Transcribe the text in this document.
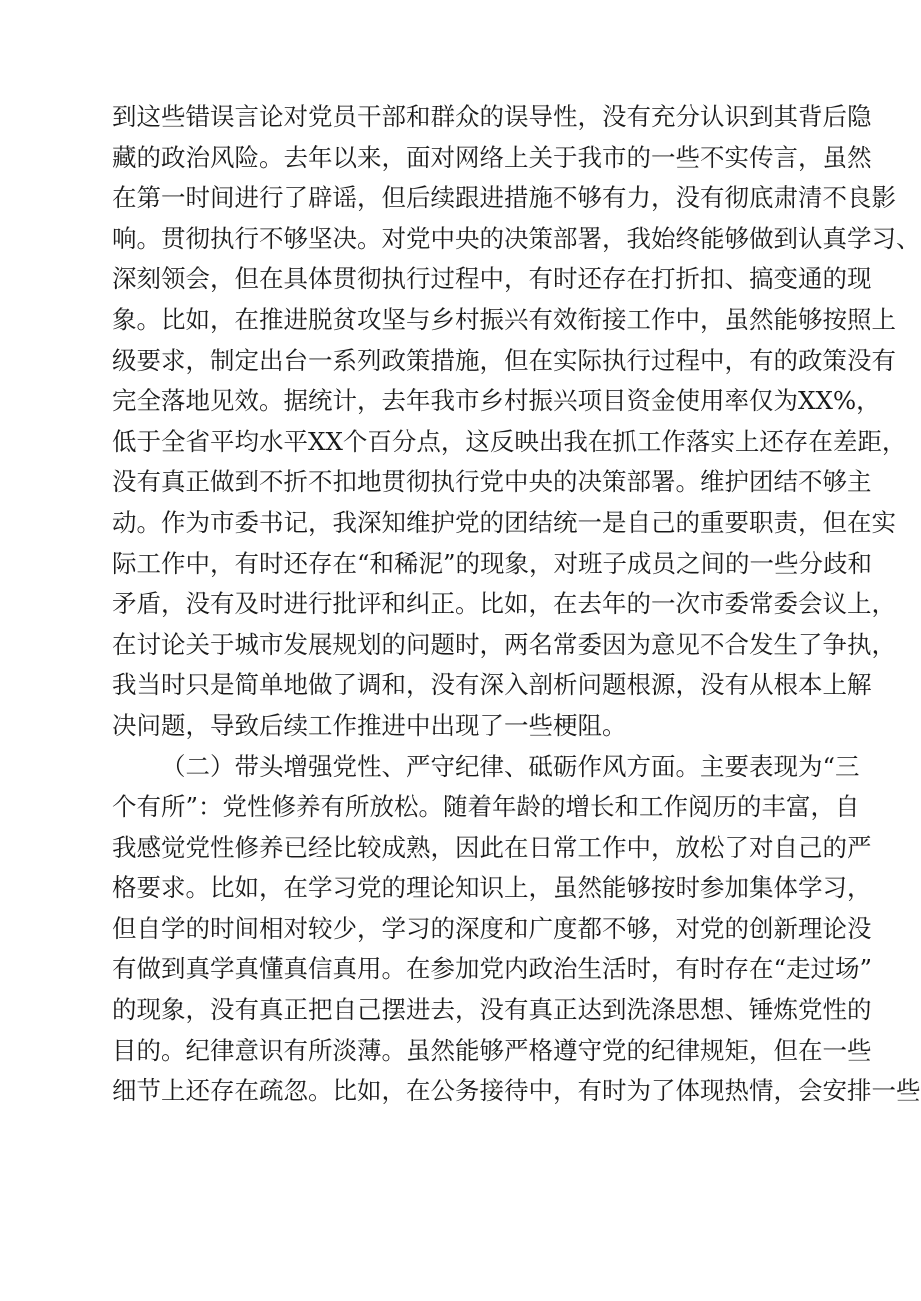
到这些错误言论对党员干部和群众的误导性，没有充分认识到其背后隐
藏的政治风险。去年以来，面对网络上关于我市的一些不实传言，虽然
在第一时间进行了辟谣，但后续跟进措施不够有力，没有彻底肃清不良影
响。贯彻执行不够坚决。对党中央的决策部署，我始终能够做到认真学习、
深刻领会，但在具体贯彻执行过程中，有时还存在打折扣、搞变通的现
象。比如，在推进脱贫攻坚与乡村振兴有效衔接工作中，虽然能够按照上
级要求，制定出台一系列政策措施，但在实际执行过程中，有的政策没有
完全落地见效。据统计，去年我市乡村振兴项目资金使用率仅为XX%，
低于全省平均水平XX个百分点，这反映出我在抓工作落实上还存在差距，
没有真正做到不折不扣地贯彻执行党中央的决策部署。维护团结不够主
动。作为市委书记，我深知维护党的团结统一是自己的重要职责，但在实
际工作中，有时还存在“和稀泥”的现象，对班子成员之间的一些分歧和
矛盾，没有及时进行批评和纠正。比如，在去年的一次市委常委会议上，
在讨论关于城市发展规划的问题时，两名常委因为意见不合发生了争执，
我当时只是简单地做了调和，没有深入剖析问题根源，没有从根本上解
决问题，导致后续工作推进中出现了一些梗阻。
（二）带头增强党性、严守纪律、砥砺作风方面。主要表现为“三
个有所”：党性修养有所放松。随着年龄的增长和工作阅历的丰富，自
我感觉党性修养已经比较成熟，因此在日常工作中，放松了对自己的严
格要求。比如，在学习党的理论知识上，虽然能够按时参加集体学习，
但自学的时间相对较少，学习的深度和广度都不够，对党的创新理论没
有做到真学真懂真信真用。在参加党内政治生活时，有时存在“走过场”
的现象，没有真正把自己摆进去，没有真正达到洗涤思想、锤炼党性的
目的。纪律意识有所淡薄。虽然能够严格遵守党的纪律规矩，但在一些
细节上还存在疏忽。比如，在公务接待中，有时为了体现热情，会安排一些
